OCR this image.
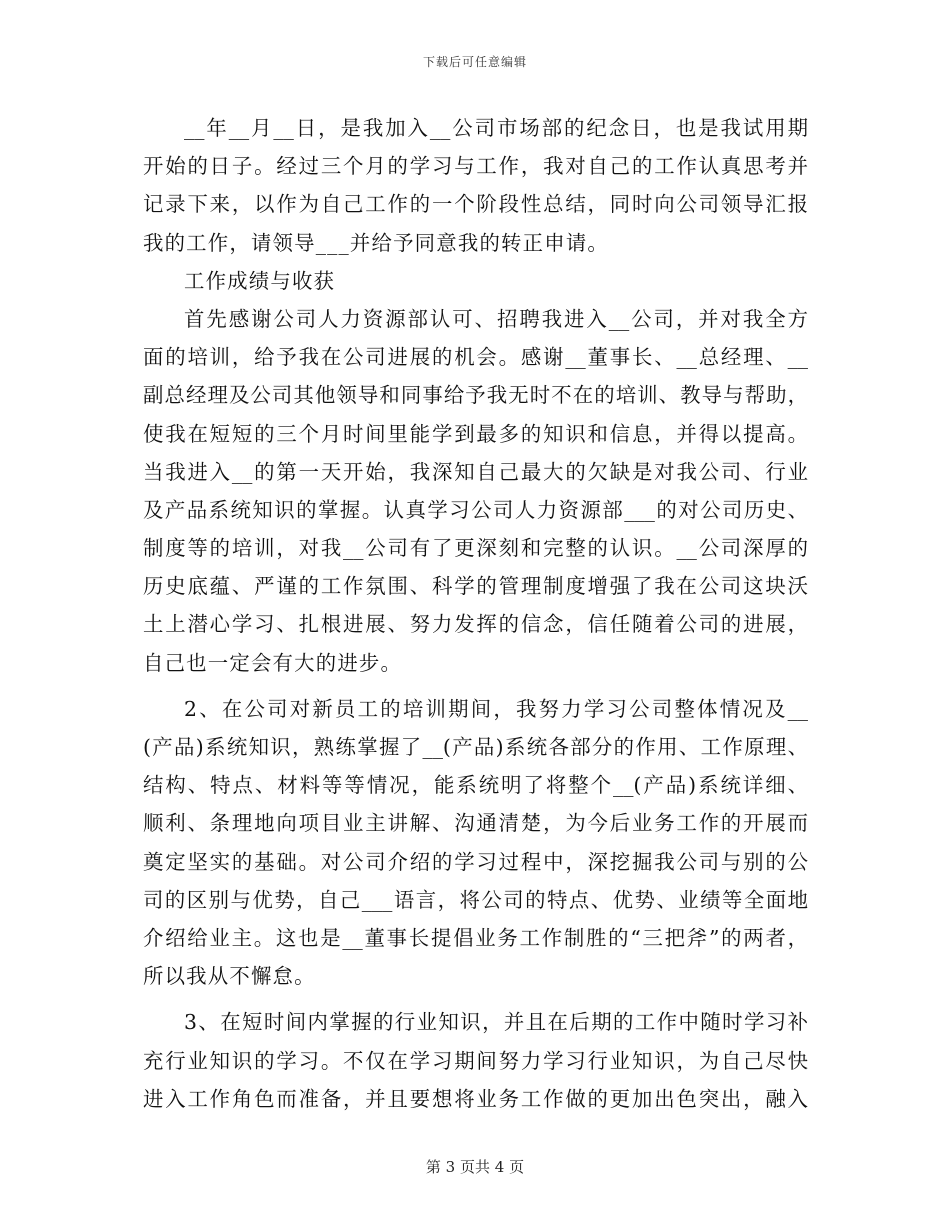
下载后可任意编辑
__年__月__日，是我加入__公司市场部的纪念日，也是我试用期
开始的日子。经过三个月的学习与工作，我对自己的工作认真思考并
记录下来，以作为自己工作的一个阶段性总结，同时向公司领导汇报
我的工作，请领导___并给予同意我的转正申请。
工作成绩与收获
首先感谢公司人力资源部认可、招聘我进入__公司，并对我全方
面的培训，给予我在公司进展的机会。感谢__董事长、__总经理、__
副总经理及公司其他领导和同事给予我无时不在的培训、教导与帮助，
使我在短短的三个月时间里能学到最多的知识和信息，并得以提高。
当我进入__的第一天开始，我深知自己最大的欠缺是对我公司、行业
及产品系统知识的掌握。认真学习公司人力资源部___的对公司历史、
制度等的培训，对我__公司有了更深刻和完整的认识。__公司深厚的
历史底蕴、严谨的工作氛围、科学的管理制度增强了我在公司这块沃
土上潜心学习、扎根进展、努力发挥的信念，信任随着公司的进展，
自己也一定会有大的进步。
2、在公司对新员工的培训期间，我努力学习公司整体情况及__
(产品)系统知识，熟练掌握了__(产品)系统各部分的作用、工作原理、
结构、特点、材料等等情况，能系统明了将整个__(产品)系统详细、
顺利、条理地向项目业主讲解、沟通清楚，为今后业务工作的开展而
奠定坚实的基础。对公司介绍的学习过程中，深挖掘我公司与别的公
司的区别与优势，自己___语言，将公司的特点、优势、业绩等全面地
介绍给业主。这也是__董事长提倡业务工作制胜的“三把斧”的两者，
所以我从不懈怠。
3、在短时间内掌握的行业知识，并且在后期的工作中随时学习补
充行业知识的学习。不仅在学习期间努力学习行业知识，为自己尽快
进入工作角色而准备，并且要想将业务工作做的更加出色突出，融入
第 3 页共 4 页
